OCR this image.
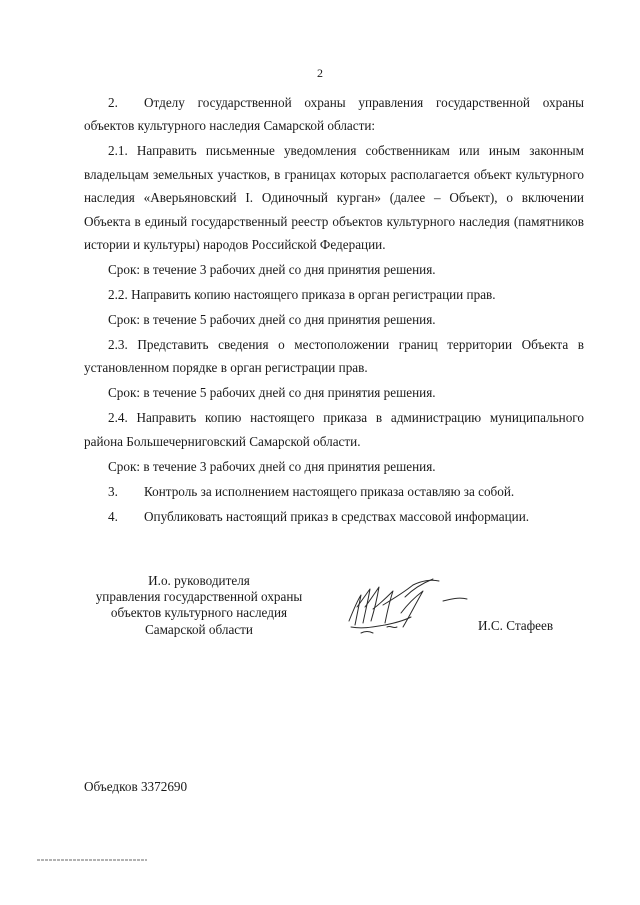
2

2. Отделу государственной охраны управления государственной охраны объектов культурного наследия Самарской области:

2.1. Направить письменные уведомления собственникам или иным законным владельцам земельных участков, в границах которых располагается объект культурного наследия «Аверьяновский I. Одиночный курган» (далее – Объект), о включении Объекта в единый государственный реестр объектов культурного наследия (памятников истории и культуры) народов Российской Федерации.

Срок: в течение 3 рабочих дней со дня принятия решения.

2.2. Направить копию настоящего приказа в орган регистрации прав.

Срок: в течение 5 рабочих дней со дня принятия решения.

2.3. Представить сведения о местоположении границ территории Объекта в установленном порядке в орган регистрации прав.

Срок: в течение 5 рабочих дней со дня принятия решения.

2.4. Направить копию настоящего приказа в администрацию муниципального района Большечерниговский Самарской области.

Срок: в течение 3 рабочих дней со дня принятия решения.

3. Контроль за исполнением настоящего приказа оставляю за собой.

4. Опубликовать настоящий приказ в средствах массовой информации.

И.о. руководителя
управления государственной охраны
объектов культурного наследия
Самарской области	И.С. Стафеев
Объедков 3372690
